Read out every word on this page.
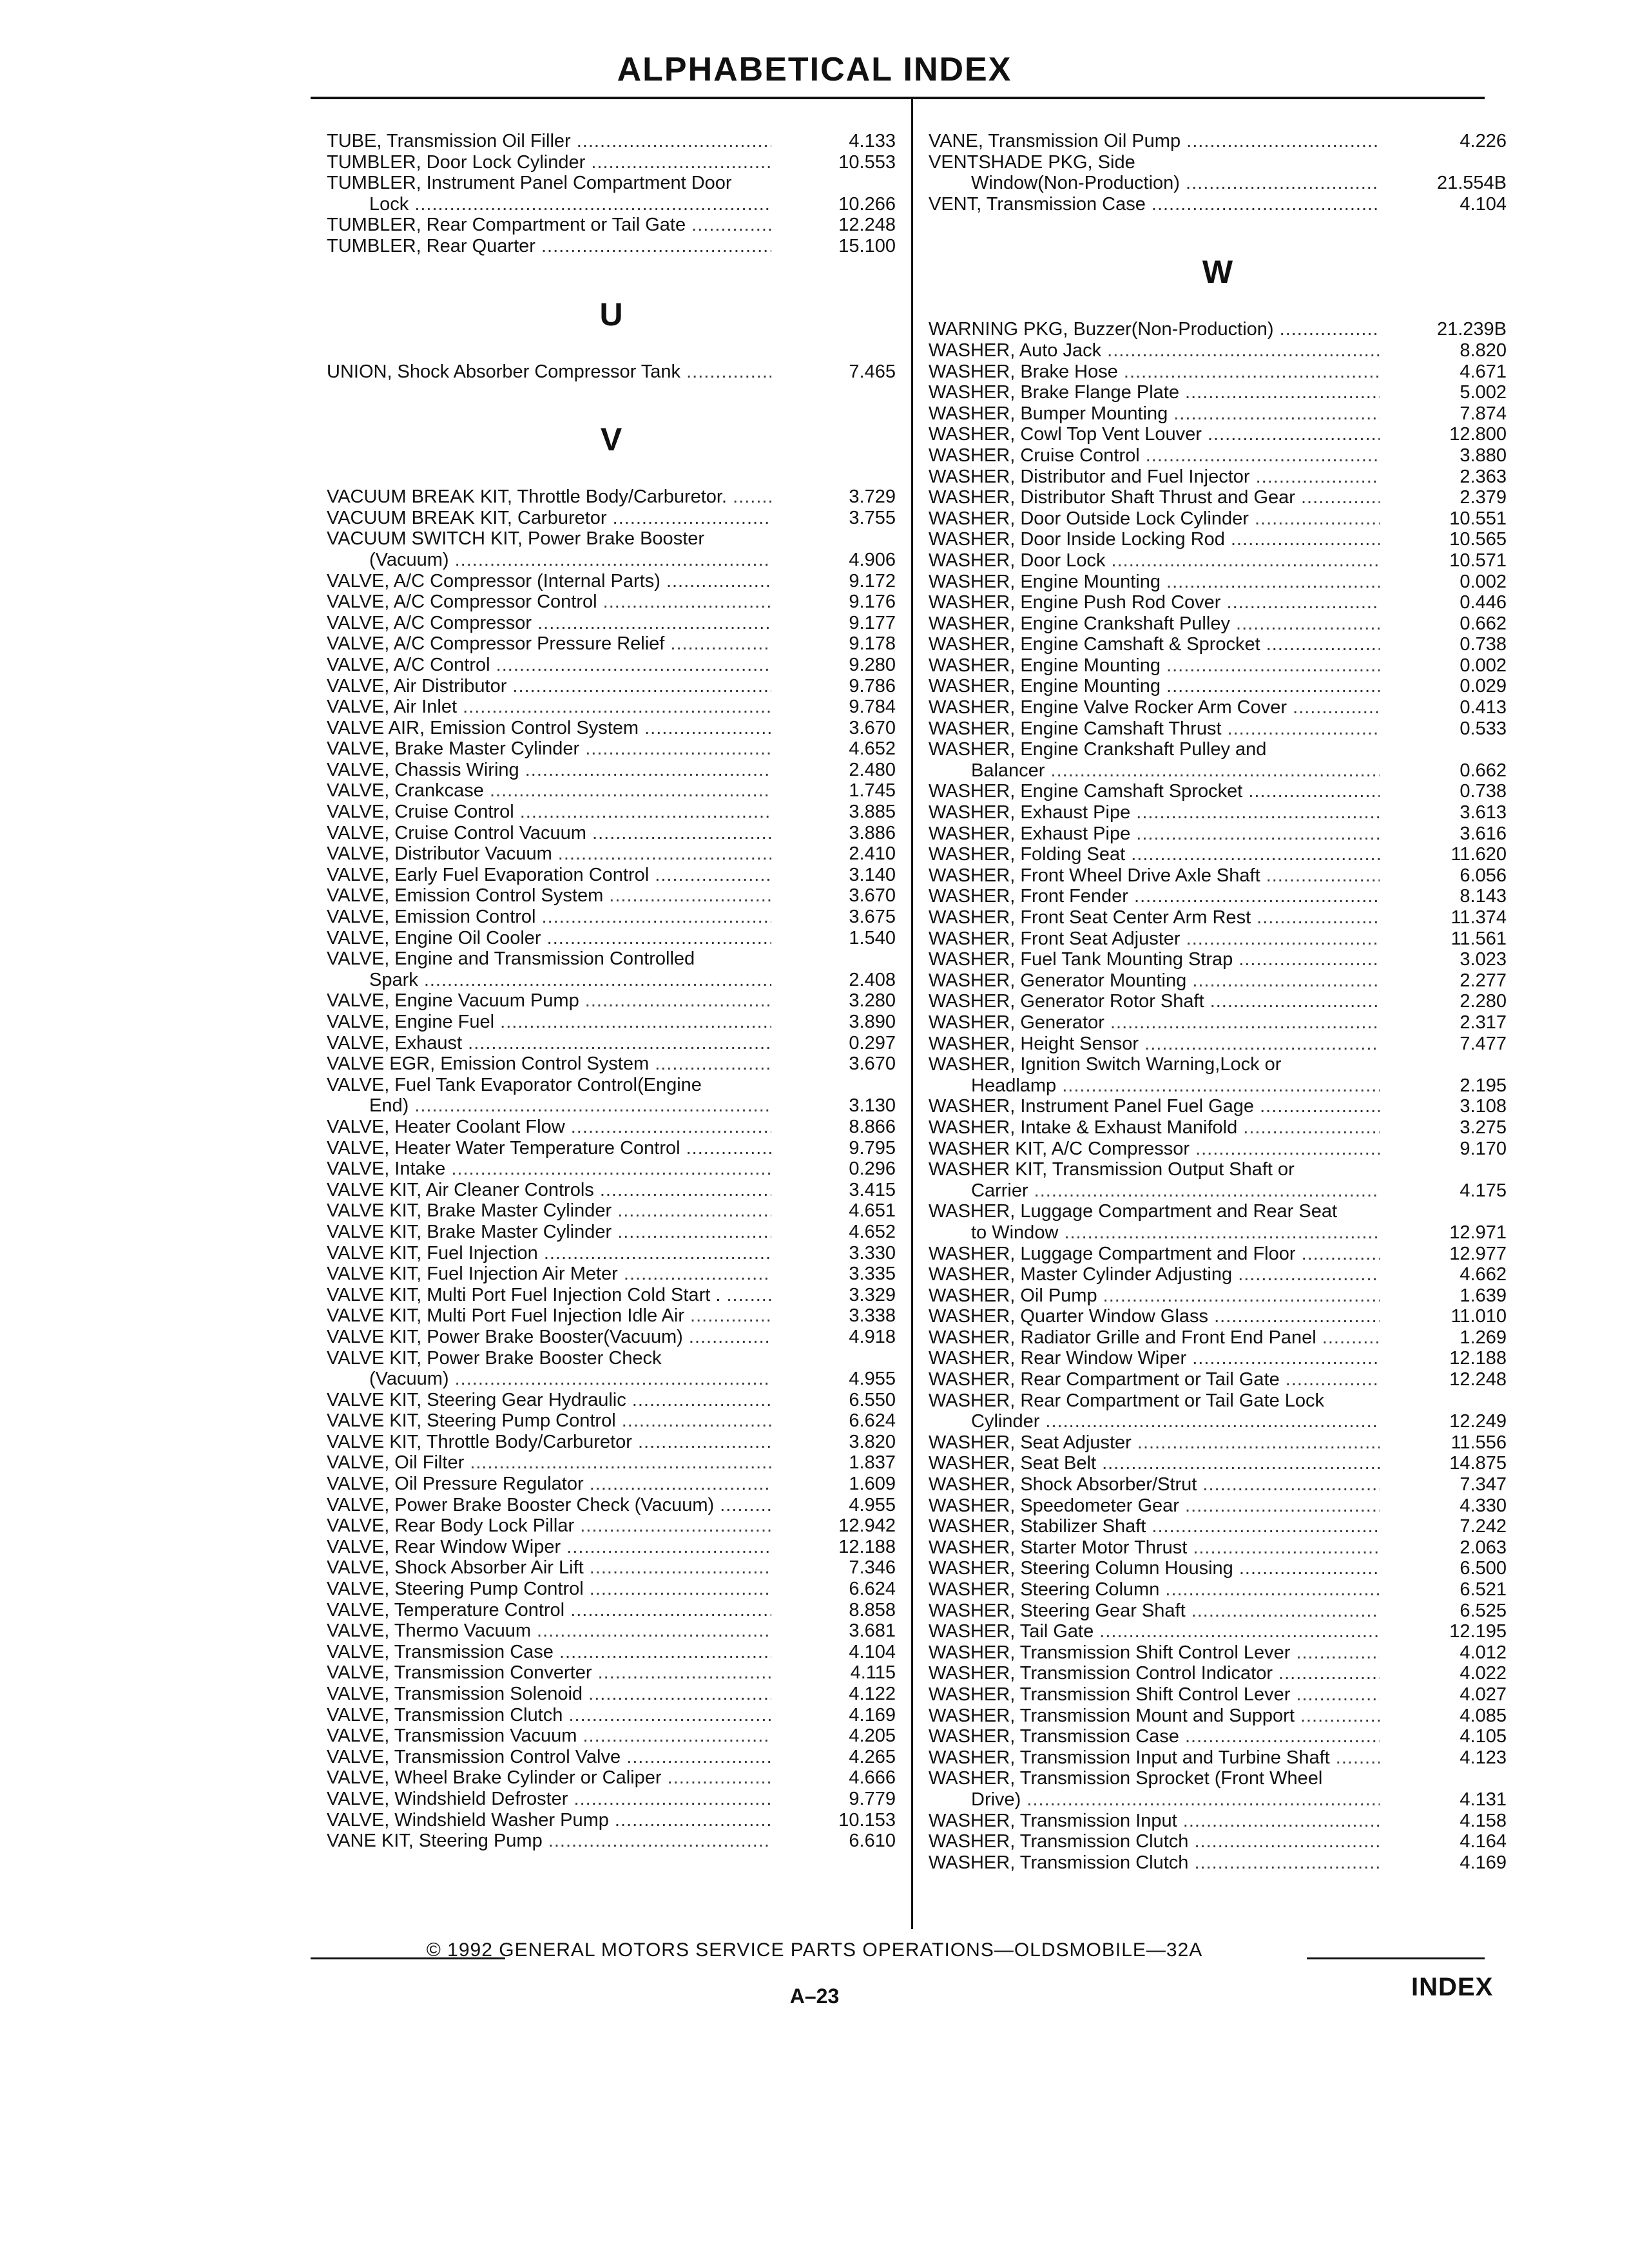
ALPHABETICAL INDEX
TUBE, Transmission Oil Filler .....	4.133
TUMBLER, Door Lock Cylinder .....	10.553
TUMBLER, Instrument Panel Compartment Door
Lock .....	10.266
TUMBLER, Rear Compartment or Tail Gate .....	12.248
TUMBLER, Rear Quarter .....	15.100
U
UNION, Shock Absorber Compressor Tank .....	7.465
V
VACUUM BREAK KIT, Throttle Body/Carburetor. .....	3.729
VACUUM BREAK KIT, Carburetor .....	3.755
VACUUM SWITCH KIT, Power Brake Booster
(Vacuum) .....	4.906
VALVE, A/C Compressor (Internal Parts) .....	9.172
VALVE, A/C Compressor Control .....	9.176
VALVE, A/C Compressor .....	9.177
VALVE, A/C Compressor Pressure Relief .....	9.178
VALVE, A/C Control .....	9.280
VALVE, Air Distributor .....	9.786
VALVE, Air Inlet .....	9.784
VALVE AIR, Emission Control System .....	3.670
VALVE, Brake Master Cylinder .....	4.652
VALVE, Chassis Wiring .....	2.480
VALVE, Crankcase .....	1.745
VALVE, Cruise Control .....	3.885
VALVE, Cruise Control Vacuum .....	3.886
VALVE, Distributor Vacuum .....	2.410
VALVE, Early Fuel Evaporation Control .....	3.140
VALVE, Emission Control System .....	3.670
VALVE, Emission Control .....	3.675
VALVE, Engine Oil Cooler .....	1.540
VALVE, Engine and Transmission Controlled
Spark .....	2.408
VALVE, Engine Vacuum Pump .....	3.280
VALVE, Engine Fuel .....	3.890
VALVE, Exhaust .....	0.297
VALVE EGR, Emission Control System .....	3.670
VALVE, Fuel Tank Evaporator Control(Engine
End) .....	3.130
VALVE, Heater Coolant Flow .....	8.866
VALVE, Heater Water Temperature Control .....	9.795
VALVE, Intake .....	0.296
VALVE KIT, Air Cleaner Controls .....	3.415
VALVE KIT, Brake Master Cylinder .....	4.651
VALVE KIT, Brake Master Cylinder .....	4.652
VALVE KIT, Fuel Injection .....	3.330
VALVE KIT, Fuel Injection Air Meter .....	3.335
VALVE KIT, Multi Port Fuel Injection Cold Start . .....	3.329
VALVE KIT, Multi Port Fuel Injection Idle Air .....	3.338
VALVE KIT, Power Brake Booster(Vacuum) .....	4.918
VALVE KIT, Power Brake Booster Check
(Vacuum) .....	4.955
VALVE KIT, Steering Gear Hydraulic .....	6.550
VALVE KIT, Steering Pump Control .....	6.624
VALVE KIT, Throttle Body/Carburetor .....	3.820
VALVE, Oil Filter .....	1.837
VALVE, Oil Pressure Regulator .....	1.609
VALVE, Power Brake Booster Check (Vacuum) .....	4.955
VALVE, Rear Body Lock Pillar .....	12.942
VALVE, Rear Window Wiper .....	12.188
VALVE, Shock Absorber Air Lift .....	7.346
VALVE, Steering Pump Control .....	6.624
VALVE, Temperature Control .....	8.858
VALVE, Thermo Vacuum .....	3.681
VALVE, Transmission Case .....	4.104
VALVE, Transmission Converter .....	4.115
VALVE, Transmission Solenoid .....	4.122
VALVE, Transmission Clutch .....	4.169
VALVE, Transmission Vacuum .....	4.205
VALVE, Transmission Control Valve .....	4.265
VALVE, Wheel Brake Cylinder or Caliper .....	4.666
VALVE, Windshield Defroster .....	9.779
VALVE, Windshield Washer Pump .....	10.153
VANE KIT, Steering Pump .....	6.610
VANE, Transmission Oil Pump .....	4.226
VENTSHADE PKG, Side
Window(Non-Production) .....	21.554B
VENT, Transmission Case .....	4.104
W
WARNING PKG, Buzzer(Non-Production) .....	21.239B
WASHER, Auto Jack .....	8.820
WASHER, Brake Hose .....	4.671
WASHER, Brake Flange Plate .....	5.002
WASHER, Bumper Mounting .....	7.874
WASHER, Cowl Top Vent Louver .....	12.800
WASHER, Cruise Control .....	3.880
WASHER, Distributor and Fuel Injector .....	2.363
WASHER, Distributor Shaft Thrust and Gear .....	2.379
WASHER, Door Outside Lock Cylinder .....	10.551
WASHER, Door Inside Locking Rod .....	10.565
WASHER, Door Lock .....	10.571
WASHER, Engine Mounting .....	0.002
WASHER, Engine Push Rod Cover .....	0.446
WASHER, Engine Crankshaft Pulley .....	0.662
WASHER, Engine Camshaft & Sprocket .....	0.738
WASHER, Engine Mounting .....	0.002
WASHER, Engine Mounting .....	0.029
WASHER, Engine Valve Rocker Arm Cover .....	0.413
WASHER, Engine Camshaft Thrust .....	0.533
WASHER, Engine Crankshaft Pulley and
Balancer .....	0.662
WASHER, Engine Camshaft Sprocket .....	0.738
WASHER, Exhaust Pipe .....	3.613
WASHER, Exhaust Pipe .....	3.616
WASHER, Folding Seat .....	11.620
WASHER, Front Wheel Drive Axle Shaft .....	6.056
WASHER, Front Fender .....	8.143
WASHER, Front Seat Center Arm Rest .....	11.374
WASHER, Front Seat Adjuster .....	11.561
WASHER, Fuel Tank Mounting Strap .....	3.023
WASHER, Generator Mounting .....	2.277
WASHER, Generator Rotor Shaft .....	2.280
WASHER, Generator .....	2.317
WASHER, Height Sensor .....	7.477
WASHER, Ignition Switch Warning,Lock or
Headlamp .....	2.195
WASHER, Instrument Panel Fuel Gage .....	3.108
WASHER, Intake & Exhaust Manifold .....	3.275
WASHER KIT, A/C Compressor .....	9.170
WASHER KIT, Transmission Output Shaft or
Carrier .....	4.175
WASHER, Luggage Compartment and Rear Seat
to Window .....	12.971
WASHER, Luggage Compartment and Floor .....	12.977
WASHER, Master Cylinder Adjusting .....	4.662
WASHER, Oil Pump .....	1.639
WASHER, Quarter Window Glass .....	11.010
WASHER, Radiator Grille and Front End Panel .....	1.269
WASHER, Rear Window Wiper .....	12.188
WASHER, Rear Compartment or Tail Gate .....	12.248
WASHER, Rear Compartment or Tail Gate Lock
Cylinder .....	12.249
WASHER, Seat Adjuster .....	11.556
WASHER, Seat Belt .....	14.875
WASHER, Shock Absorber/Strut .....	7.347
WASHER, Speedometer Gear .....	4.330
WASHER, Stabilizer Shaft .....	7.242
WASHER, Starter Motor Thrust .....	2.063
WASHER, Steering Column Housing .....	6.500
WASHER, Steering Column .....	6.521
WASHER, Steering Gear Shaft .....	6.525
WASHER, Tail Gate .....	12.195
WASHER, Transmission Shift Control Lever .....	4.012
WASHER, Transmission Control Indicator .....	4.022
WASHER, Transmission Shift Control Lever .....	4.027
WASHER, Transmission Mount and Support .....	4.085
WASHER, Transmission Case .....	4.105
WASHER, Transmission Input and Turbine Shaft .....	4.123
WASHER, Transmission Sprocket (Front Wheel
Drive) .....	4.131
WASHER, Transmission Input .....	4.158
WASHER, Transmission Clutch .....	4.164
WASHER, Transmission Clutch .....	4.169
© 1992 GENERAL MOTORS SERVICE PARTS OPERATIONS—OLDSMOBILE—32A
A–23	INDEX
